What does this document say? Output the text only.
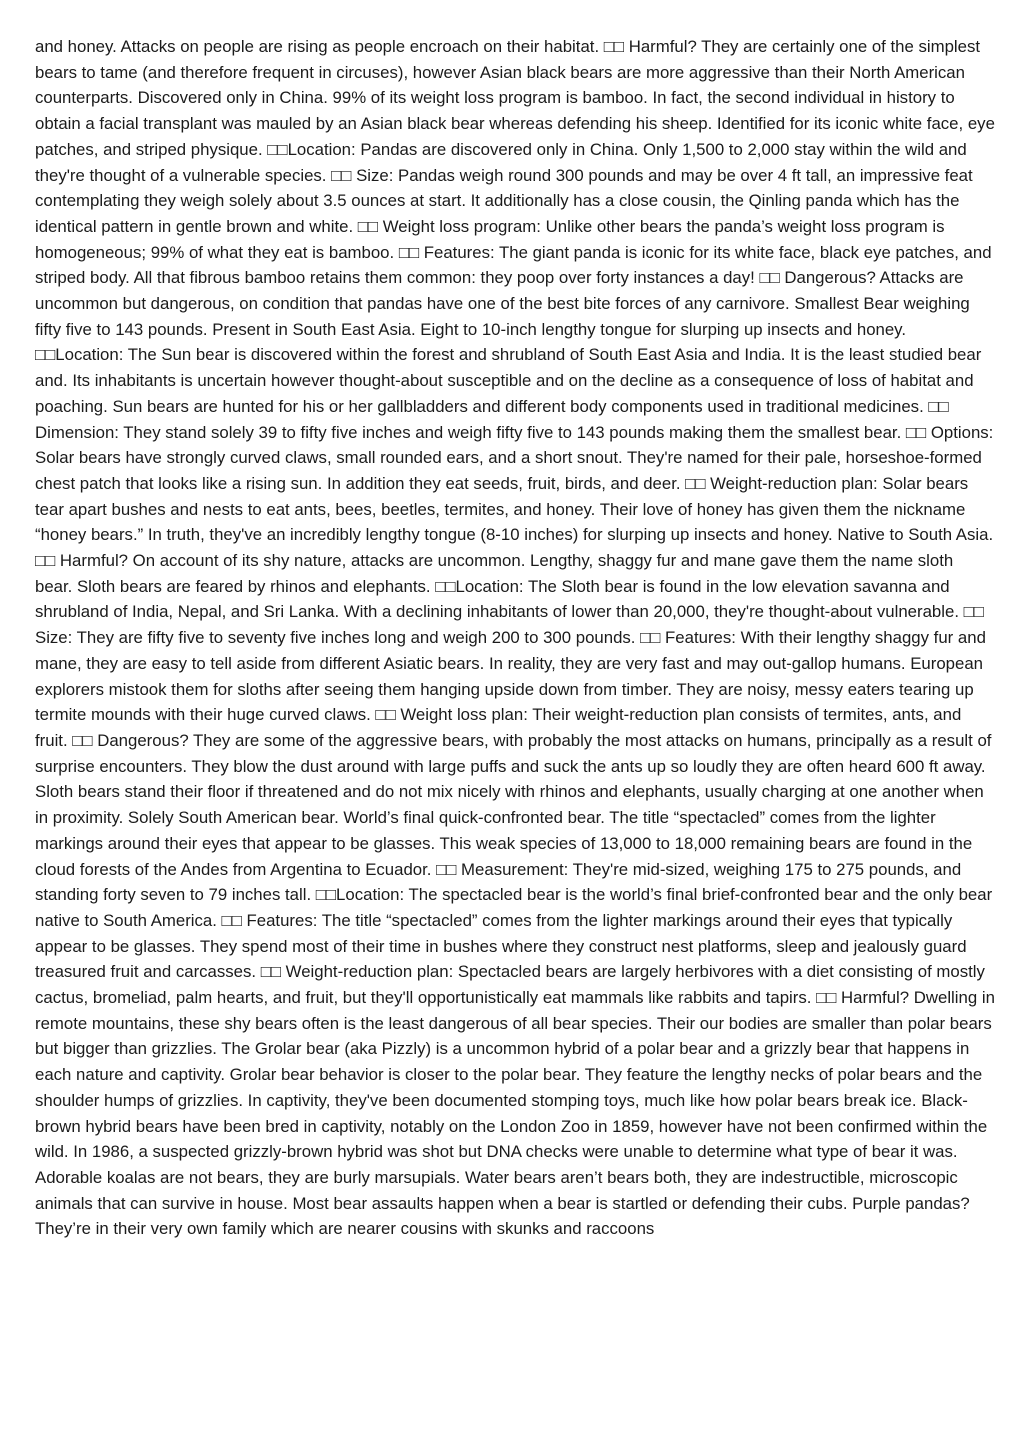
and honey. Attacks on people are rising as people encroach on their habitat. □□ Harmful? They are certainly one of the simplest bears to tame (and therefore frequent in circuses), however Asian black bears are more aggressive than their North American counterparts. Discovered only in China. 99% of its weight loss program is bamboo. In fact, the second individual in history to obtain a facial transplant was mauled by an Asian black bear whereas defending his sheep. Identified for its iconic white face, eye patches, and striped physique. □□Location: Pandas are discovered only in China. Only 1,500 to 2,000 stay within the wild and they're thought of a vulnerable species. □□ Size: Pandas weigh round 300 pounds and may be over 4 ft tall, an impressive feat contemplating they weigh solely about 3.5 ounces at start. It additionally has a close cousin, the Qinling panda which has the identical pattern in gentle brown and white. □□ Weight loss program: Unlike other bears the panda’s weight loss program is homogeneous; 99% of what they eat is bamboo. □□ Features: The giant panda is iconic for its white face, black eye patches, and striped body. All that fibrous bamboo retains them common: they poop over forty instances a day! □□ Dangerous? Attacks are uncommon but dangerous, on condition that pandas have one of the best bite forces of any carnivore. Smallest Bear weighing fifty five to 143 pounds. Present in South East Asia. Eight to 10-inch lengthy tongue for slurping up insects and honey. □□Location: The Sun bear is discovered within the forest and shrubland of South East Asia and India. It is the least studied bear and. Its inhabitants is uncertain however thought-about susceptible and on the decline as a consequence of loss of habitat and poaching. Sun bears are hunted for his or her gallbladders and different body components used in traditional medicines. □□ Dimension: They stand solely 39 to fifty five inches and weigh fifty five to 143 pounds making them the smallest bear. □□ Options: Solar bears have strongly curved claws, small rounded ears, and a short snout. They're named for their pale, horseshoe-formed chest patch that looks like a rising sun. In addition they eat seeds, fruit, birds, and deer. □□ Weight-reduction plan: Solar bears tear apart bushes and nests to eat ants, bees, beetles, termites, and honey. Their love of honey has given them the nickname “honey bears.” In truth, they've an incredibly lengthy tongue (8-10 inches) for slurping up insects and honey. Native to South Asia. □□ Harmful? On account of its shy nature, attacks are uncommon. Lengthy, shaggy fur and mane gave them the name sloth bear. Sloth bears are feared by rhinos and elephants. □□Location: The Sloth bear is found in the low elevation savanna and shrubland of India, Nepal, and Sri Lanka. With a declining inhabitants of lower than 20,000, they're thought-about vulnerable. □□ Size: They are fifty five to seventy five inches long and weigh 200 to 300 pounds. □□ Features: With their lengthy shaggy fur and mane, they are easy to tell aside from different Asiatic bears. In reality, they are very fast and may out-gallop humans. European explorers mistook them for sloths after seeing them hanging upside down from timber. They are noisy, messy eaters tearing up termite mounds with their huge curved claws. □□ Weight loss plan: Their weight-reduction plan consists of termites, ants, and fruit. □□ Dangerous? They are some of the aggressive bears, with probably the most attacks on humans, principally as a result of surprise encounters. They blow the dust around with large puffs and suck the ants up so loudly they are often heard 600 ft away. Sloth bears stand their floor if threatened and do not mix nicely with rhinos and elephants, usually charging at one another when in proximity. Solely South American bear. World’s final quick-confronted bear. The title “spectacled” comes from the lighter markings around their eyes that appear to be glasses. This weak species of 13,000 to 18,000 remaining bears are found in the cloud forests of the Andes from Argentina to Ecuador. □□ Measurement: They're mid-sized, weighing 175 to 275 pounds, and standing forty seven to 79 inches tall. □□Location: The spectacled bear is the world’s final brief-confronted bear and the only bear native to South America. □□ Features: The title “spectacled” comes from the lighter markings around their eyes that typically appear to be glasses. They spend most of their time in bushes where they construct nest platforms, sleep and jealously guard treasured fruit and carcasses. □□ Weight-reduction plan: Spectacled bears are largely herbivores with a diet consisting of mostly cactus, bromeliad, palm hearts, and fruit, but they'll opportunistically eat mammals like rabbits and tapirs. □□ Harmful? Dwelling in remote mountains, these shy bears often is the least dangerous of all bear species. Their our bodies are smaller than polar bears but bigger than grizzlies. The Grolar bear (aka Pizzly) is a uncommon hybrid of a polar bear and a grizzly bear that happens in each nature and captivity. Grolar bear behavior is closer to the polar bear. They feature the lengthy necks of polar bears and the shoulder humps of grizzlies. In captivity, they've been documented stomping toys, much like how polar bears break ice. Black-brown hybrid bears have been bred in captivity, notably on the London Zoo in 1859, however have not been confirmed within the wild. In 1986, a suspected grizzly-brown hybrid was shot but DNA checks were unable to determine what type of bear it was. Adorable koalas are not bears, they are burly marsupials. Water bears aren’t bears both, they are indestructible, microscopic animals that can survive in house. Most bear assaults happen when a bear is startled or defending their cubs. Purple pandas? They’re in their very own family which are nearer cousins with skunks and raccoons
